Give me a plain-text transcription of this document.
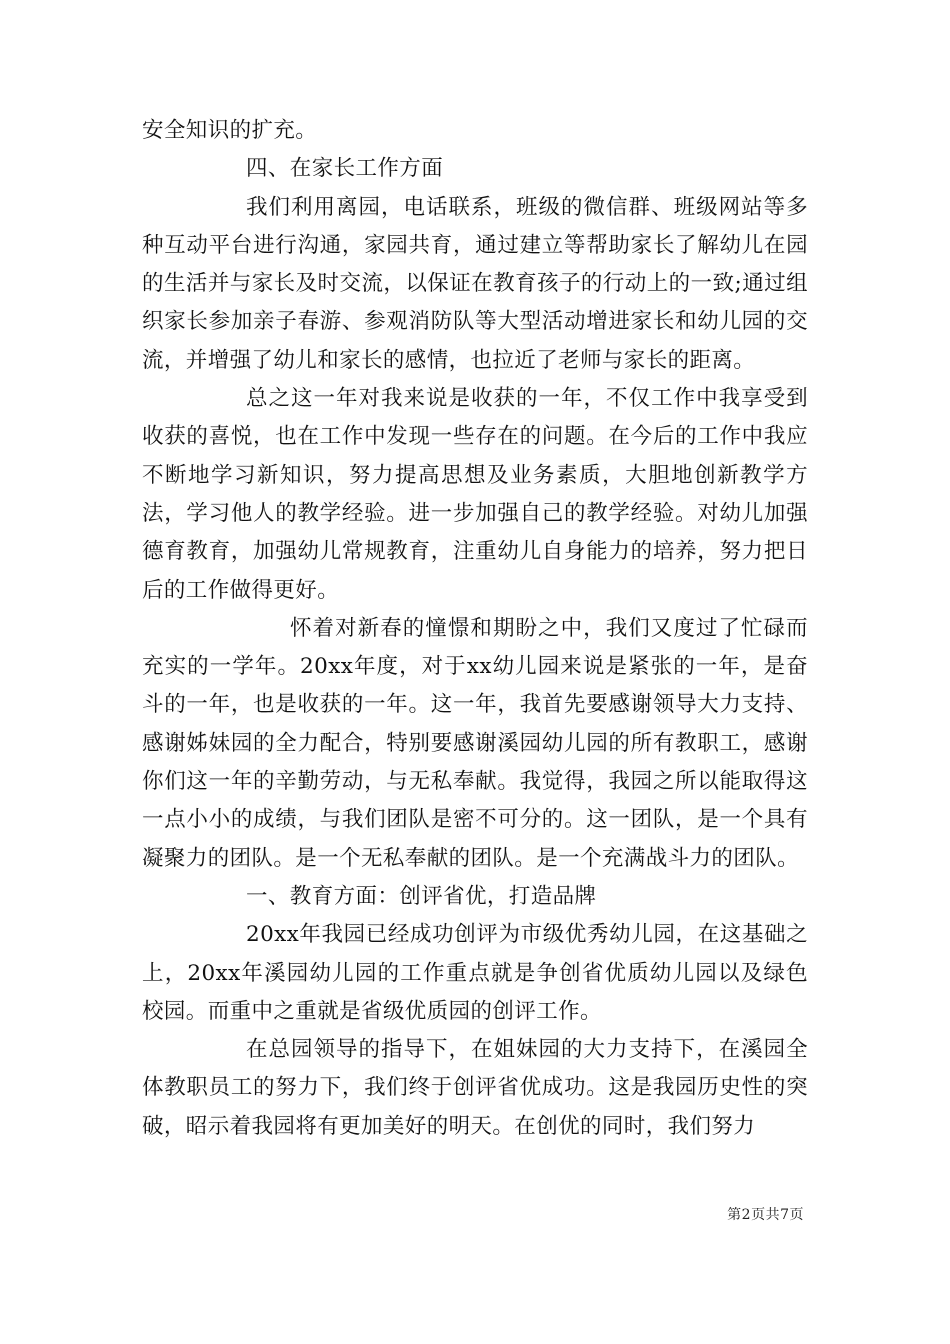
安全知识的扩充。

四、在家长工作方面

我们利用离园，电话联系，班级的微信群、班级网站等多种互动平台进行沟通，家园共育，通过建立等帮助家长了解幼儿在园的生活并与家长及时交流，以保证在教育孩子的行动上的一致;通过组织家长参加亲子春游、参观消防队等大型活动增进家长和幼儿园的交流，并增强了幼儿和家长的感情，也拉近了老师与家长的距离。

总之这一年对我来说是收获的一年，不仅工作中我享受到收获的喜悦，也在工作中发现一些存在的问题。在今后的工作中我应不断地学习新知识，努力提高思想及业务素质，大胆地创新教学方法，学习他人的教学经验。进一步加强自己的教学经验。对幼儿加强德育教育，加强幼儿常规教育，注重幼儿自身能力的培养，努力把日后的工作做得更好。

怀着对新春的憧憬和期盼之中，我们又度过了忙碌而充实的一学年。20xx年度，对于xx幼儿园来说是紧张的一年，是奋斗的一年，也是收获的一年。这一年，我首先要感谢领导大力支持、感谢姊妹园的全力配合，特别要感谢溪园幼儿园的所有教职工，感谢你们这一年的辛勤劳动，与无私奉献。我觉得，我园之所以能取得这一点小小的成绩，与我们团队是密不可分的。这一团队，是一个具有凝聚力的团队。是一个无私奉献的团队。是一个充满战斗力的团队。

一、教育方面：创评省优，打造品牌

20xx年我园已经成功创评为市级优秀幼儿园，在这基础之上，20xx年溪园幼儿园的工作重点就是争创省优质幼儿园以及绿色校园。而重中之重就是省级优质园的创评工作。

在总园领导的指导下，在姐妹园的大力支持下，在溪园全体教职员工的努力下，我们终于创评省优成功。这是我园历史性的突破，昭示着我园将有更加美好的明天。在创优的同时，我们努力

第2页共7页
